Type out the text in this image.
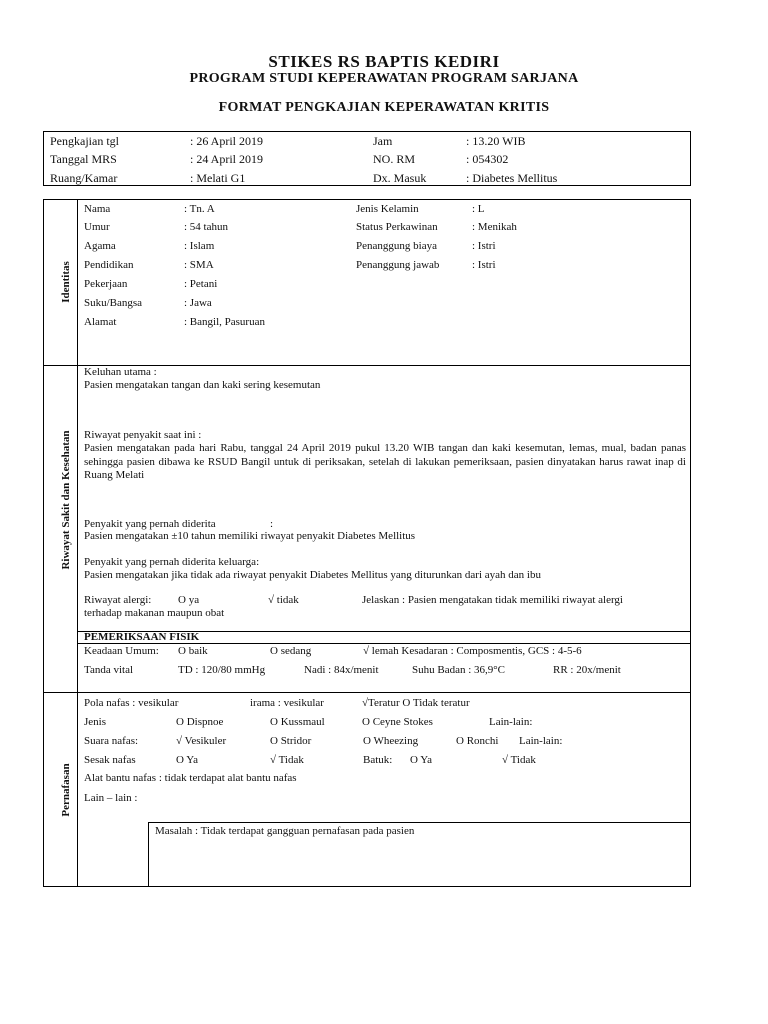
STIKES RS BAPTIS KEDIRI
PROGRAM STUDI KEPERAWATAN PROGRAM SARJANA
FORMAT PENGKAJIAN KEPERAWATAN KRITIS
Pengkajian tgl	: 26 April 2019	Jam	: 13.20 WIB
Tanggal MRS	: 24 April 2019	NO. RM	: 054302
Ruang/Kamar	: Melati G1	Dx. Masuk	: Diabetes Mellitus
Identitas
Riwayat Sakit dan Kesehatan
Pernafasan
Nama	: Tn. A
Umur	: 54 tahun
Agama	: Islam
Pendidikan	: SMA
Pekerjaan	: Petani
Suku/Bangsa	: Jawa
Alamat	: Bangil, Pasuruan
Jenis Kelamin	: L
Status Perkawinan	: Menikah
Penanggung biaya	: Istri
Penanggung jawab	: Istri
Keluhan utama :
Pasien mengatakan tangan dan kaki sering kesemutan
Riwayat penyakit saat ini :
Pasien mengatakan pada hari Rabu, tanggal 24 April 2019 pukul 13.20 WIB tangan dan kaki kesemutan, lemas, mual, badan panas sehingga pasien dibawa ke RSUD Bangil untuk di periksakan, setelah di lakukan pemeriksaan, pasien dinyatakan harus rawat inap di Ruang Melati
Penyakit yang pernah diderita	:
Pasien mengatakan ±10 tahun memiliki riwayat penyakit Diabetes Mellitus
Penyakit yang pernah diderita keluarga:
Pasien mengatakan jika tidak ada riwayat penyakit Diabetes Mellitus yang diturunkan dari ayah dan ibu
Riwayat alergi: O ya	√ tidak	Jelaskan : Pasien mengatakan tidak memiliki riwayat alergi
terhadap makanan maupun obat
PEMERIKSAAN FISIK
Keadaan Umum: O baik	O sedang	√ lemah Kesadaran : Composmentis, GCS : 4-5-6
Tanda vital	TD : 120/80 mmHg	Nadi : 84x/menit	Suhu Badan : 36,9°C	RR : 20x/menit
Pola nafas : vesikular	irama : vesikular	√Teratur O Tidak teratur
Jenis	O Dispnoe	O Kussmaul	O Ceyne Stokes	Lain-lain:
Suara nafas:	√ Vesikuler	O Stridor	O Wheezing	O Ronchi Lain-lain:
Sesak nafas	O Ya	√ Tidak	Batuk: O Ya	√ Tidak
Alat bantu nafas : tidak terdapat alat bantu nafas
Lain – lain :
Masalah : Tidak terdapat gangguan pernafasan pada pasien
